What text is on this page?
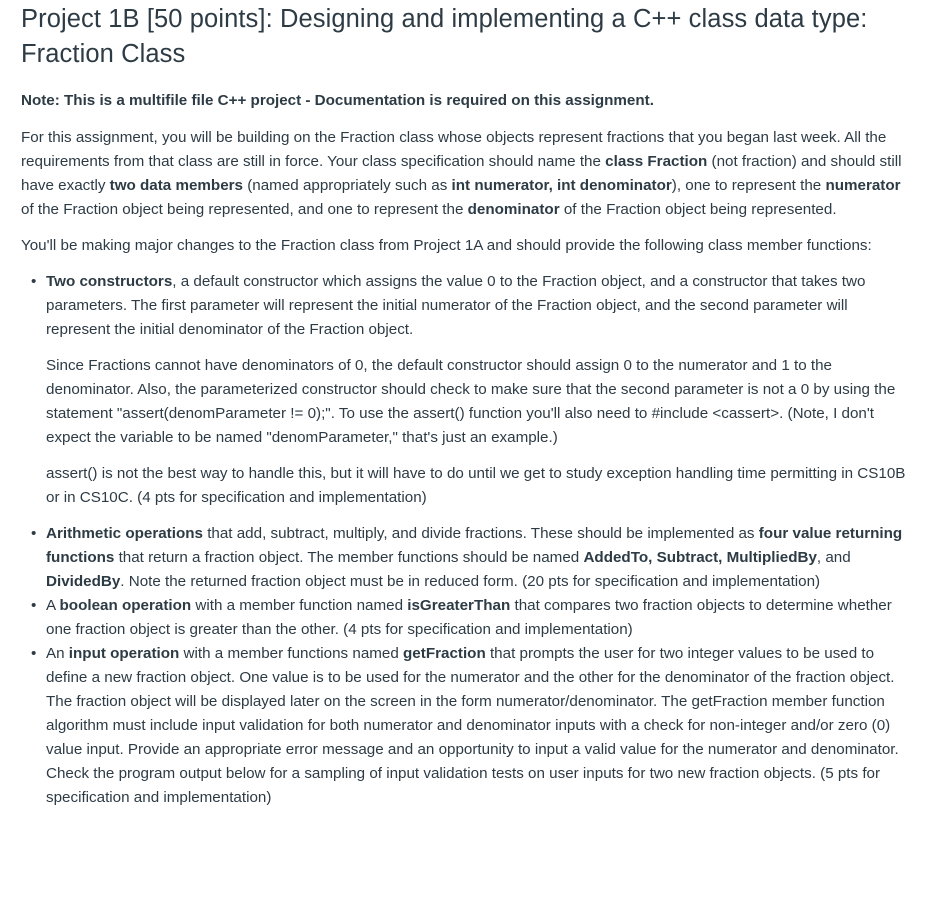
Project 1B [50 points]: Designing and implementing a C++ class data type:
Fraction Class

Note: This is a multifile file C++ project - Documentation is required on this assignment.

For this assignment, you will be building on the Fraction class whose objects represent fractions that you began last week. All the requirements from that class are still in force. Your class specification should name the class Fraction (not fraction) and should still have exactly two data members (named appropriately such as int numerator, int denominator), one to represent the numerator of the Fraction object being represented, and one to represent the denominator of the Fraction object being represented.

You'll be making major changes to the Fraction class from Project 1A and should provide the following class member functions:

• Two constructors, a default constructor which assigns the value 0 to the Fraction object, and a constructor that takes two parameters. The first parameter will represent the initial numerator of the Fraction object, and the second parameter will represent the initial denominator of the Fraction object.

Since Fractions cannot have denominators of 0, the default constructor should assign 0 to the numerator and 1 to the denominator. Also, the parameterized constructor should check to make sure that the second parameter is not a 0 by using the statement "assert(denomParameter != 0);". To use the assert() function you'll also need to #include <cassert>. (Note, I don't expect the variable to be named "denomParameter," that's just an example.)

assert() is not the best way to handle this, but it will have to do until we get to study exception handling time permitting in CS10B or in CS10C. (4 pts for specification and implementation)

• Arithmetic operations that add, subtract, multiply, and divide fractions. These should be implemented as four value returning functions that return a fraction object. The member functions should be named AddedTo, Subtract, MultipliedBy, and DividedBy. Note the returned fraction object must be in reduced form. (20 pts for specification and implementation)

• A boolean operation with a member function named isGreaterThan that compares two fraction objects to determine whether one fraction object is greater than the other. (4 pts for specification and implementation)

• An input operation with a member functions named getFraction that prompts the user for two integer values to be used to define a new fraction object. One value is to be used for the numerator and the other for the denominator of the fraction object. The fraction object will be displayed later on the screen in the form numerator/denominator. The getFraction member function algorithm must include input validation for both numerator and denominator inputs with a check for non-integer and/or zero (0) value input. Provide an appropriate error message and an opportunity to input a valid value for the numerator and denominator. Check the program output below for a sampling of input validation tests on user inputs for two new fraction objects. (5 pts for specification and implementation)
